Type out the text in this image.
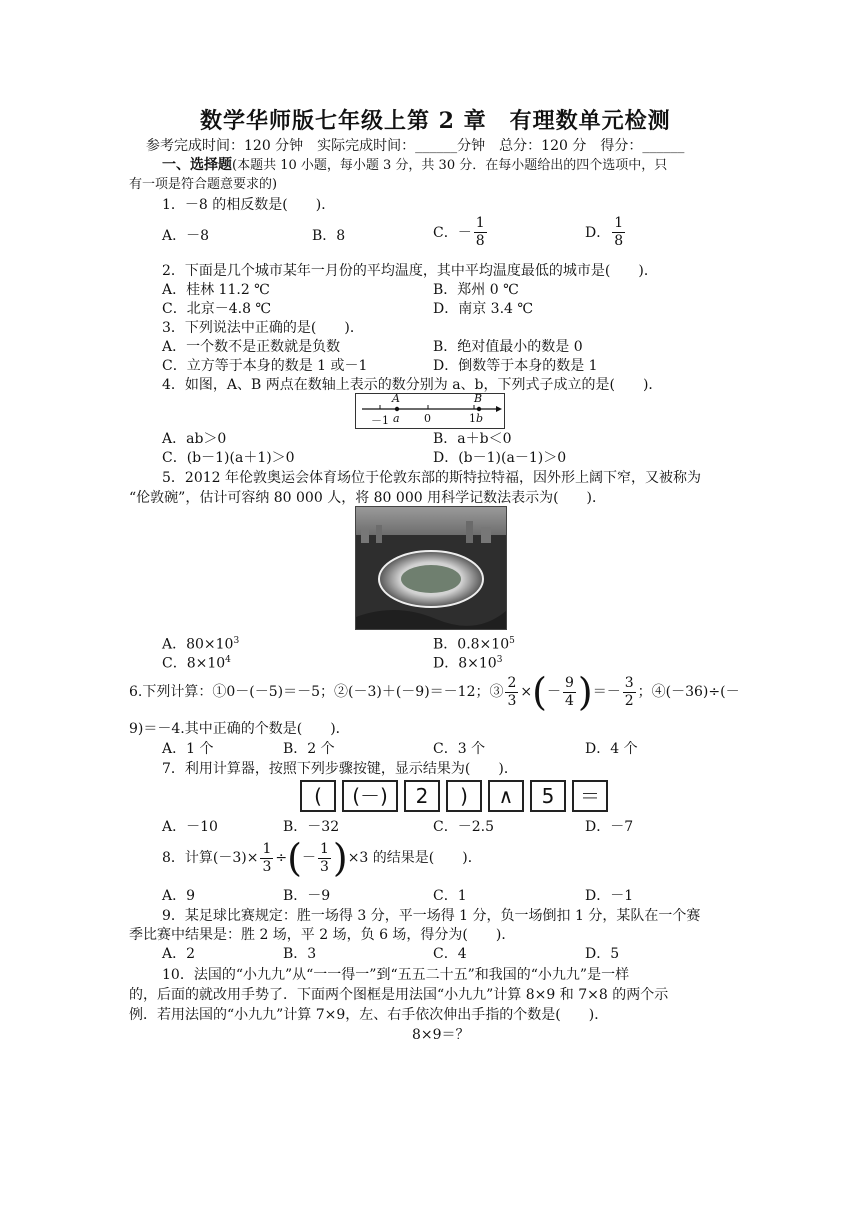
数学华师版七年级上第 2 章　有理数单元检测
参考完成时间：120 分钟　实际完成时间：______分钟　总分：120 分　得分：______
一、选择题(本题共 10 小题，每小题 3 分，共 30 分．在每小题给出的四个选项中，只
有一项是符合题意要求的)
1．－8 的相反数是(　　)．
A．－8	B．8	C．－ $\frac{1}{8}$	D． $\frac{1}{8}$
2．下面是几个城市某年一月份的平均温度，其中平均温度最低的城市是(　　)．
A．桂林 11.2 ℃	B．郑州 0 ℃
C．北京－4.8 ℃	D．南京 3.4 ℃
3．下列说法中正确的是(　　)．
A．一个数不是正数就是负数	B．绝对值最小的数是 0
C．立方等于本身的数是 1 或－1	D．倒数等于本身的数是 1
4．如图，A、B 两点在数轴上表示的数分别为 a、b，下列式子成立的是(　　)．
A	B
－1 a 0	1 b
A．ab＞0	B．a＋b＜0
C．(b－1)(a＋1)＞0	D．(b－1)(a－1)＞0
5．2012 年伦敦奥运会体育场位于伦敦东部的斯特拉特福，因外形上阔下窄，又被称为
“伦敦碗”，估计可容纳 80 000 人，将 80 000 用科学记数法表示为(　　)．
A．$80\times 10^3$	B．$0.8\times 10^5$
C．$8\times 10^4$	D．$8\times 10^3$
6.下列计算：①0－(－5)＝－5；②(－3)＋(－9)＝－12；③ $\frac{2}{3}$ × ( － $\frac{9}{4}$ ) ＝－ $\frac{3}{2}$ ；④(－36)÷(－
9)＝－4.其中正确的个数是(　　)．
A．1 个	B．2 个	C．3 个	D．4 个
7．利用计算器，按照下列步骤按键，显示结果为(　　)．
(	(－)	2	)	∧	5	＝
A．－10	B．－32	C．－2.5	D．－7
8．计算$(-3)\times \frac{1}{3}$ ÷ ( － $\frac{1}{3}$ ) ×3 的结果是(　　)．
A．9	B．－9	C．1	D．－1
9．某足球比赛规定：胜一场得 3 分，平一场得 1 分，负一场倒扣 1 分，某队在一个赛
季比赛中结果是：胜 2 场，平 2 场，负 6 场，得分为(　　)．
A．2	B．3	C．4	D．5
10．法国的“小九九”从“一一得一”到“五五二十五”和我国的“小九九”是一样
的，后面的就改用手势了．下面两个图框是用法国“小九九”计算 8×9 和 7×8 的两个示
例．若用法国的“小九九”计算 7×9，左、右手依次伸出手指的个数是(　　)．
8×9＝？
